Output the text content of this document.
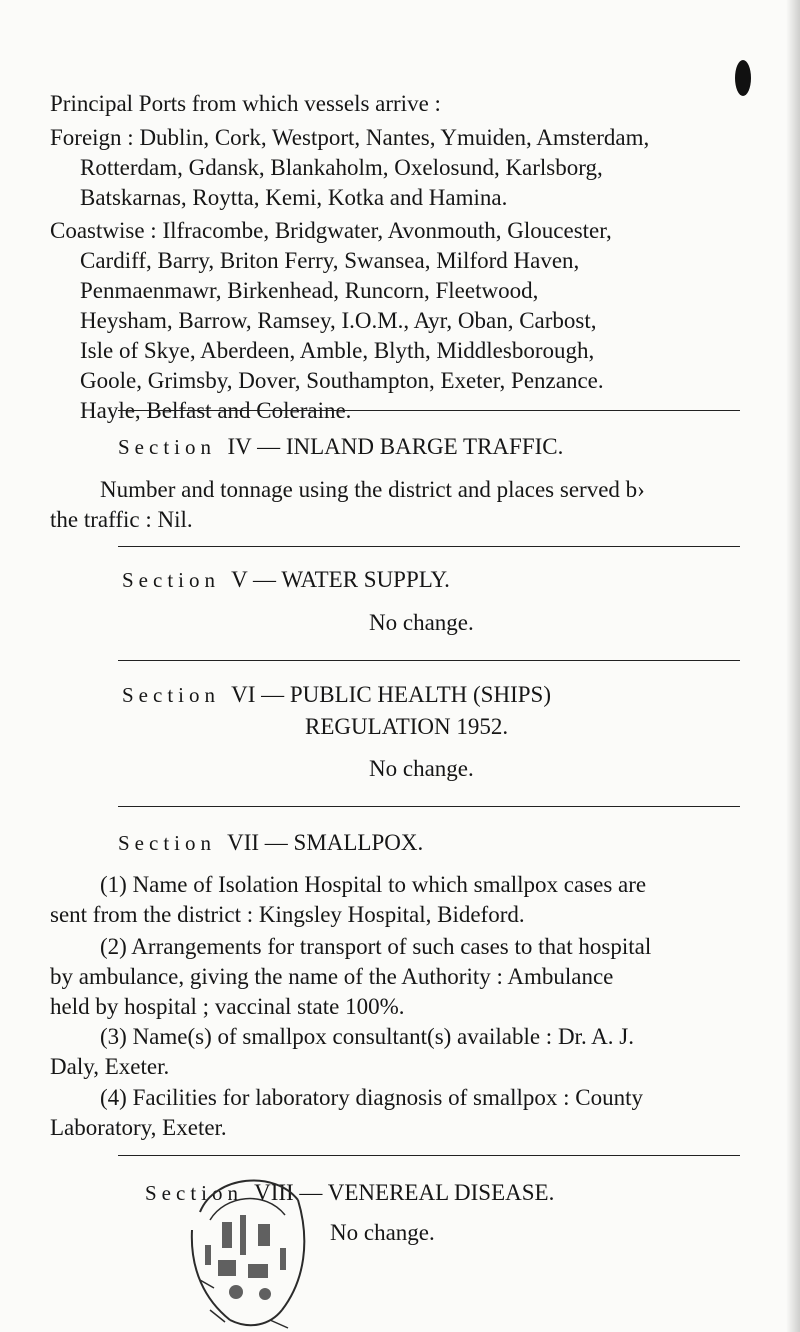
Principal Ports from which vessels arrive :
Foreign : Dublin, Cork, Westport, Nantes, Ymuiden, Amsterdam,
Rotterdam, Gdansk, Blankaholm, Oxelosund, Karlsborg,
Batskarnas, Roytta, Kemi, Kotka and Hamina.
Coastwise : Ilfracombe, Bridgwater, Avonmouth, Gloucester,
Cardiff, Barry, Briton Ferry, Swansea, Milford Haven,
Penmaenmawr, Birkenhead, Runcorn, Fleetwood,
Heysham, Barrow, Ramsey, I.O.M., Ayr, Oban, Carbost,
Isle of Skye, Aberdeen, Amble, Blyth, Middlesborough,
Goole, Grimsby, Dover, Southampton, Exeter, Penzance.
Hayle, Belfast and Coleraine.
Section IV — INLAND BARGE TRAFFIC.
Number and tonnage using the district and places served b›
the traffic : Nil.
Section V — WATER SUPPLY.
No change.
Section VI — PUBLIC HEALTH (SHIPS)
REGULATION 1952.
No change.
Section VII — SMALLPOX.
(1) Name of Isolation Hospital to which smallpox cases are
sent from the district : Kingsley Hospital, Bideford.
(2) Arrangements for transport of such cases to that hospital
by ambulance, giving the name of the Authority : Ambulance
held by hospital ; vaccinal state 100%.
(3) Name(s) of smallpox consultant(s) available : Dr. A. J.
Daly, Exeter.
(4) Facilities for laboratory diagnosis of smallpox : County
Laboratory, Exeter.
Section VIII — VENEREAL DISEASE.
No change.
